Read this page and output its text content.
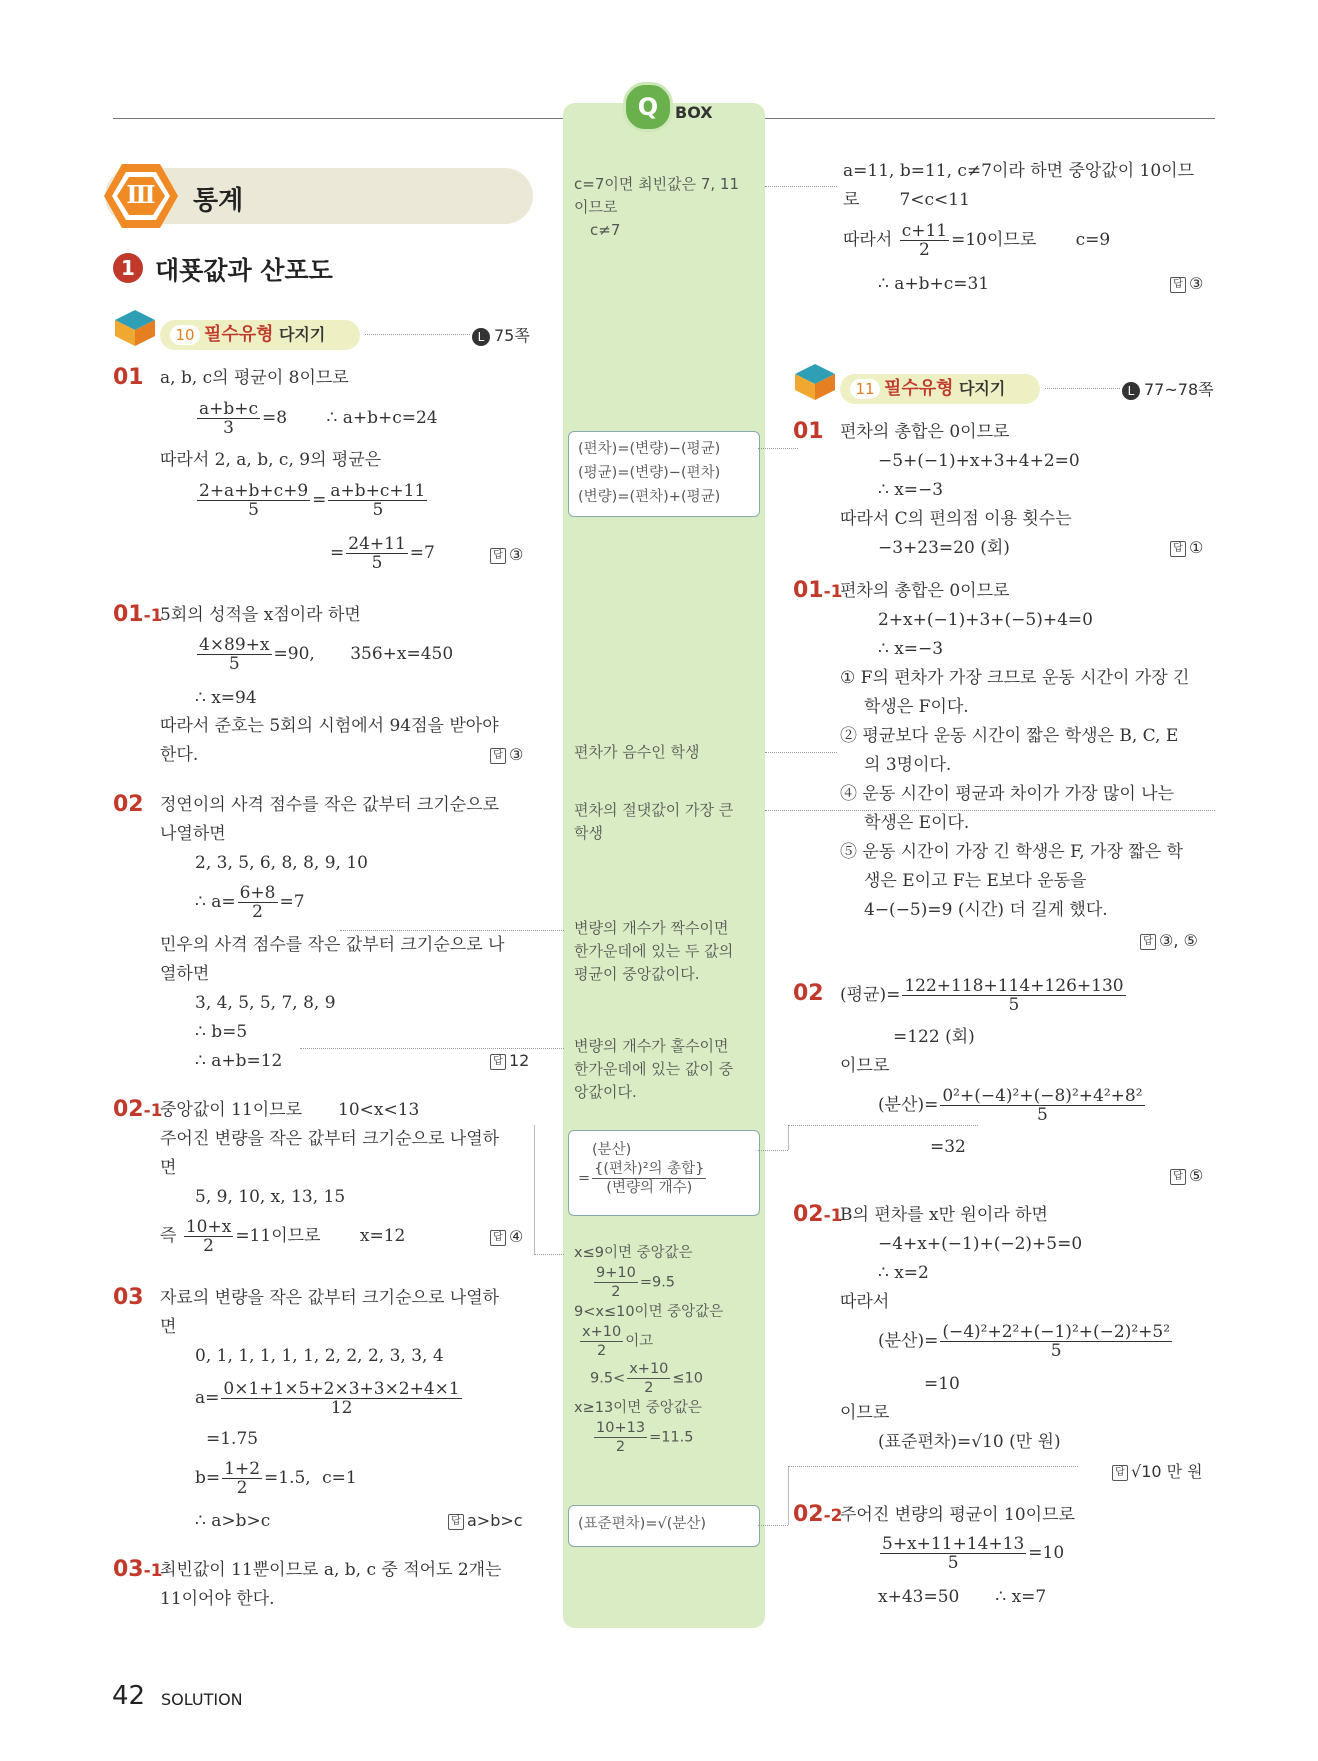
Q	BOX
Ⅲ 통계
1 대푯값과 산포도
10 필수유형 다지기	L 75쪽
01 a, b, c의 평균이 8이므로
$\frac{a+b+c}{3} =8$ ∴ a+b+c=24
따라서 2, a, b, c, 9의 평균은
$\frac{2+a+b+c+9}{5} = \frac{a+b+c+11}{5}$
= $\frac{24+11}{5} =7$	답 ③
01-1
5회의 성적을 x점이라 하면
$\frac{4\times 89+x}{5} =90$, 356+x=450
∴ x=94
따라서 준호는 5회의 시험에서 94점을 받아야
한다.	답 ③
02 정연이의 사격 점수를 작은 값부터 크기순으로
나열하면
2, 3, 5, 6, 8, 8, 9, 10
∴ $a= \frac{6+8}{2} =7$
민우의 사격 점수를 작은 값부터 크기순으로 나
열하면
3, 4, 5, 5, 7, 8, 9
∴ b=5
∴ a+b=12	답 12
02-1
중앙값이 11이므로 10<x<13
주어진 변량을 작은 값부터 크기순으로 나열하
면
5, 9, 10, x, 13, 15
즉 $\frac{10+x}{2} =11$이므로 x=12	답 ④
03 자료의 변량을 작은 값부터 크기순으로 나열하
면
0, 1, 1, 1, 1, 1, 2, 2, 2, 3, 3, 4
$a= \frac{0\times 1+1\times 5+2\times 3+3\times 2+4\times 1}{12}$
=1.75
$b= \frac{1+2}{2} =1.5$, c=1
∴ a>b>c	답 a>b>c
03-1
최빈값이 11뿐이므로 a, b, c 중 적어도 2개는
11이어야 한다.
c=7이면 최빈값은 7, 11
이므로
c≠7
(편차)=(변량)−(평균)
(평균)=(변량)−(편차)
(변량)=(편차)+(평균)
편차가 음수인 학생
편차의 절댓값이 가장 큰
학생
변량의 개수가 짝수이면
한가운데에 있는 두 값의
평균이 중앙값이다.
변량의 개수가 홀수이면
한가운데에 있는 값이 중
앙값이다.
(분산)
= $\frac{\text{\{(편차)²의 총합\}}}{\text{(변량의 개수)}}$
x≤9이면 중앙값은
$\frac{9+10}{2} =9.5$
9<x≤10이면 중앙값은
$\frac{x+10}{2}$ 이고
$9.5< \frac{x+10}{2} \le 10$
x≥13이면 중앙값은
$\frac{10+13}{2} =11.5$
(표준편차)=√(분산)
a=11, b=11, c≠7이라 하면 중앙값이 10이므
로 7<c<11
따라서 $\frac{c+11}{2} =10$이므로 c=9
∴ a+b+c=31	답 ③
11 필수유형 다지기	L 77~78쪽
01 편차의 총합은 0이므로
−5+(−1)+x+3+4+2=0
∴ x=−3
따라서 C의 편의점 이용 횟수는
−3+23=20 (회)	답 ①
01-1
편차의 총합은 0이므로
2+x+(−1)+3+(−5)+4=0
∴ x=−3
① F의 편차가 가장 크므로 운동 시간이 가장 긴
학생은 F이다.
② 평균보다 운동 시간이 짧은 학생은 B, C, E
의 3명이다.
④ 운동 시간이 평균과 차이가 가장 많이 나는
학생은 E이다.
⑤ 운동 시간이 가장 긴 학생은 F, 가장 짧은 학
생은 E이고 F는 E보다 운동을
4−(−5)=9 (시간) 더 길게 했다.
답 ③, ⑤
02 (평균)= $\frac{122+118+114+126+130}{5}$
=122 (회)
이므로
(분산)= $\frac{\text{0²+(−4)²+(−8)²+4²+8²}}{5}$
=32
답 ⑤
02-1
B의 편차를 x만 원이라 하면
−4+x+(−1)+(−2)+5=0
∴ x=2
따라서
(분산)= $\frac{\text{(−4)²+2²+(−1)²+(−2)²+5²}}{5}$
=10
이므로
(표준편차)=√10 (만 원)
답 √10 만 원
02-2
주어진 변량의 평균이 10이므로
$\frac{5+x+11+14+13}{5} =10$
x+43=50 ∴ x=7
42 SOLUTION
